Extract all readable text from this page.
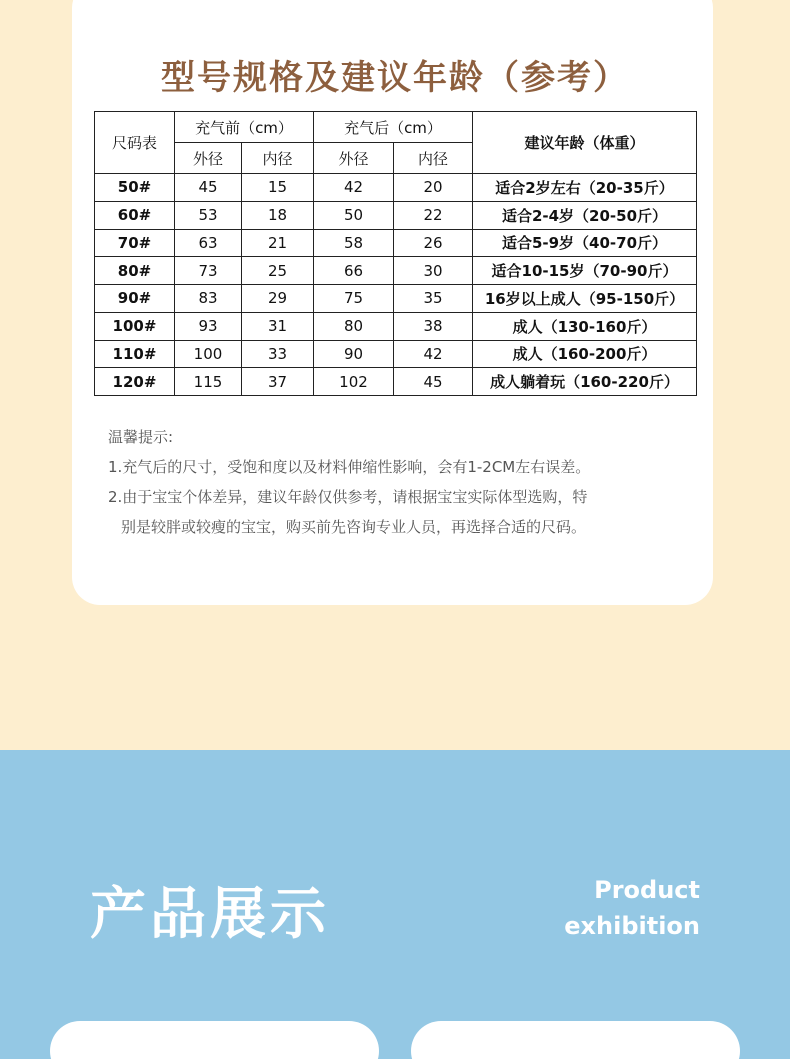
型号规格及建议年龄（参考）
尺码表	充气前（cm）		充气后（cm）		建议年龄（体重）
	外径	内径	外径	内径	
50#	45	15	42	20	适合2岁左右（20-35斤）
60#	53	18	50	22	适合2-4岁（20-50斤）
70#	63	21	58	26	适合5-9岁（40-70斤）
80#	73	25	66	30	适合10-15岁（70-90斤）
90#	83	29	75	35	16岁以上成人（95-150斤）
100#	93	31	80	38	成人（130-160斤）
110#	100	33	90	42	成人（160-200斤）
120#	115	37	102	45	成人躺着玩（160-220斤）
温馨提示:
1.充气后的尺寸，受饱和度以及材料伸缩性影响，会有1-2CM左右误差。
2.由于宝宝个体差异，建议年龄仅供参考，请根据宝宝实际体型选购，特
别是较胖或较瘦的宝宝，购买前先咨询专业人员，再选择合适的尺码。
产品展示	Product
exhibition
